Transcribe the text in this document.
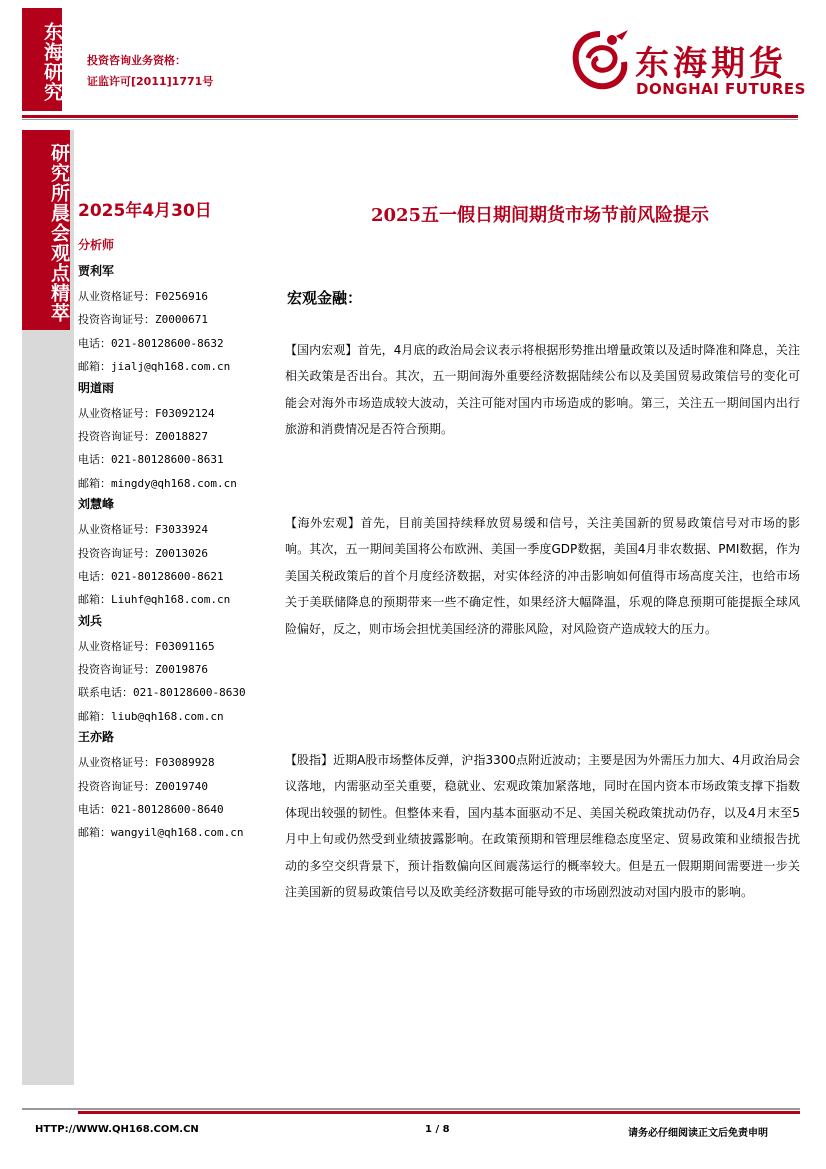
东海研究 投资咨询业务资格：
证监许可[2011]1771号	东海期货
DONGHAI FUTURES
研究所晨会观点精萃 2025年4月30日	2025五一假日期间期货市场节前风险提示
分析师
贾利军
从业资格证号：F0256916
投资咨询证号：Z0000671
电话：021-80128600-8632
邮箱：jialj@qh168.com.cn
明道雨
从业资格证号：F03092124
投资咨询证号：Z0018827
电话：021-80128600-8631
邮箱：mingdy@qh168.com.cn
刘慧峰
从业资格证号：F3033924
投资咨询证号：Z0013026
电话：021-80128600-8621
邮箱：Liuhf@qh168.com.cn
刘兵
从业资格证号：F03091165
投资咨询证号：Z0019876
联系电话：021-80128600-8630
邮箱：liub@qh168.com.cn
王亦路
从业资格证号：F03089928
投资咨询证号：Z0019740
电话：021-80128600-8640
邮箱：wangyil@qh168.com.cn
宏观金融：
【国内宏观】首先，4月底的政治局会议表示将根据形势推出增量政策以及适时降准和降息，关注相关政策是否出台。其次，五一期间海外重要经济数据陆续公布以及美国贸易政策信号的变化可能会对海外市场造成较大波动，关注可能对国内市场造成的影响。第三，关注五一期间国内出行旅游和消费情况是否符合预期。
【海外宏观】首先，目前美国持续释放贸易缓和信号，关注美国新的贸易政策信号对市场的影响。其次，五一期间美国将公布欧洲、美国一季度GDP数据，美国4月非农数据、PMI数据，作为美国关税政策后的首个月度经济数据，对实体经济的冲击影响如何值得市场高度关注，也给市场关于美联储降息的预期带来一些不确定性，如果经济大幅降温，乐观的降息预期可能提振全球风险偏好，反之，则市场会担忧美国经济的滞胀风险，对风险资产造成较大的压力。
【股指】近期A股市场整体反弹，沪指3300点附近波动；主要是因为外需压力加大、4月政治局会议落地，内需驱动至关重要，稳就业、宏观政策加紧落地，同时在国内资本市场政策支撑下指数体现出较强的韧性。但整体来看，国内基本面驱动不足、美国关税政策扰动仍存，以及4月末至5月中上旬或仍然受到业绩披露影响。在政策预期和管理层维稳态度坚定、贸易政策和业绩报告扰动的多空交织背景下，预计指数偏向区间震荡运行的概率较大。但是五一假期期间需要进一步关注美国新的贸易政策信号以及欧美经济数据可能导致的市场剧烈波动对国内股市的影响。
HTTP://WWW.QH168.COM.CN	1 / 8	请务必仔细阅读正文后免责申明
